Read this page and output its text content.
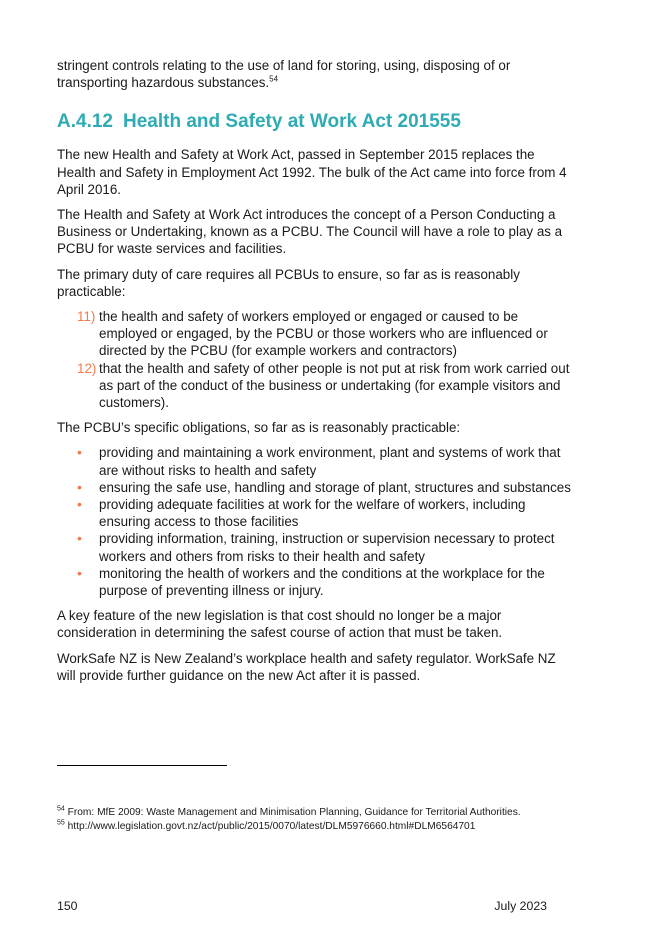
stringent controls relating to the use of land for storing, using, disposing of or transporting hazardous substances.$^{54}$

A.4.12 Health and Safety at Work Act 201555

The new Health and Safety at Work Act, passed in September 2015 replaces the Health and Safety in Employment Act 1992. The bulk of the Act came into force from 4 April 2016.

The Health and Safety at Work Act introduces the concept of a Person Conducting a Business or Undertaking, known as a PCBU. The Council will have a role to play as a PCBU for waste services and facilities.

The primary duty of care requires all PCBUs to ensure, so far as is reasonably practicable:

11) the health and safety of workers employed or engaged or caused to be employed or engaged, by the PCBU or those workers who are influenced or directed by the PCBU (for example workers and contractors)
12) that the health and safety of other people is not put at risk from work carried out as part of the conduct of the business or undertaking (for example visitors and customers).

The PCBU’s specific obligations, so far as is reasonably practicable:

• providing and maintaining a work environment, plant and systems of work that are without risks to health and safety
• ensuring the safe use, handling and storage of plant, structures and substances
• providing adequate facilities at work for the welfare of workers, including ensuring access to those facilities
• providing information, training, instruction or supervision necessary to protect workers and others from risks to their health and safety
• monitoring the health of workers and the conditions at the workplace for the purpose of preventing illness or injury.

A key feature of the new legislation is that cost should no longer be a major consideration in determining the safest course of action that must be taken.

WorkSafe NZ is New Zealand’s workplace health and safety regulator. WorkSafe NZ will provide further guidance on the new Act after it is passed.

$^{54}$ From: MfE 2009: Waste Management and Minimisation Planning, Guidance for Territorial Authorities.

$^{55}$ http://www.legislation.govt.nz/act/public/2015/0070/latest/DLM5976660.html#DLM6564701

150	July 2023
